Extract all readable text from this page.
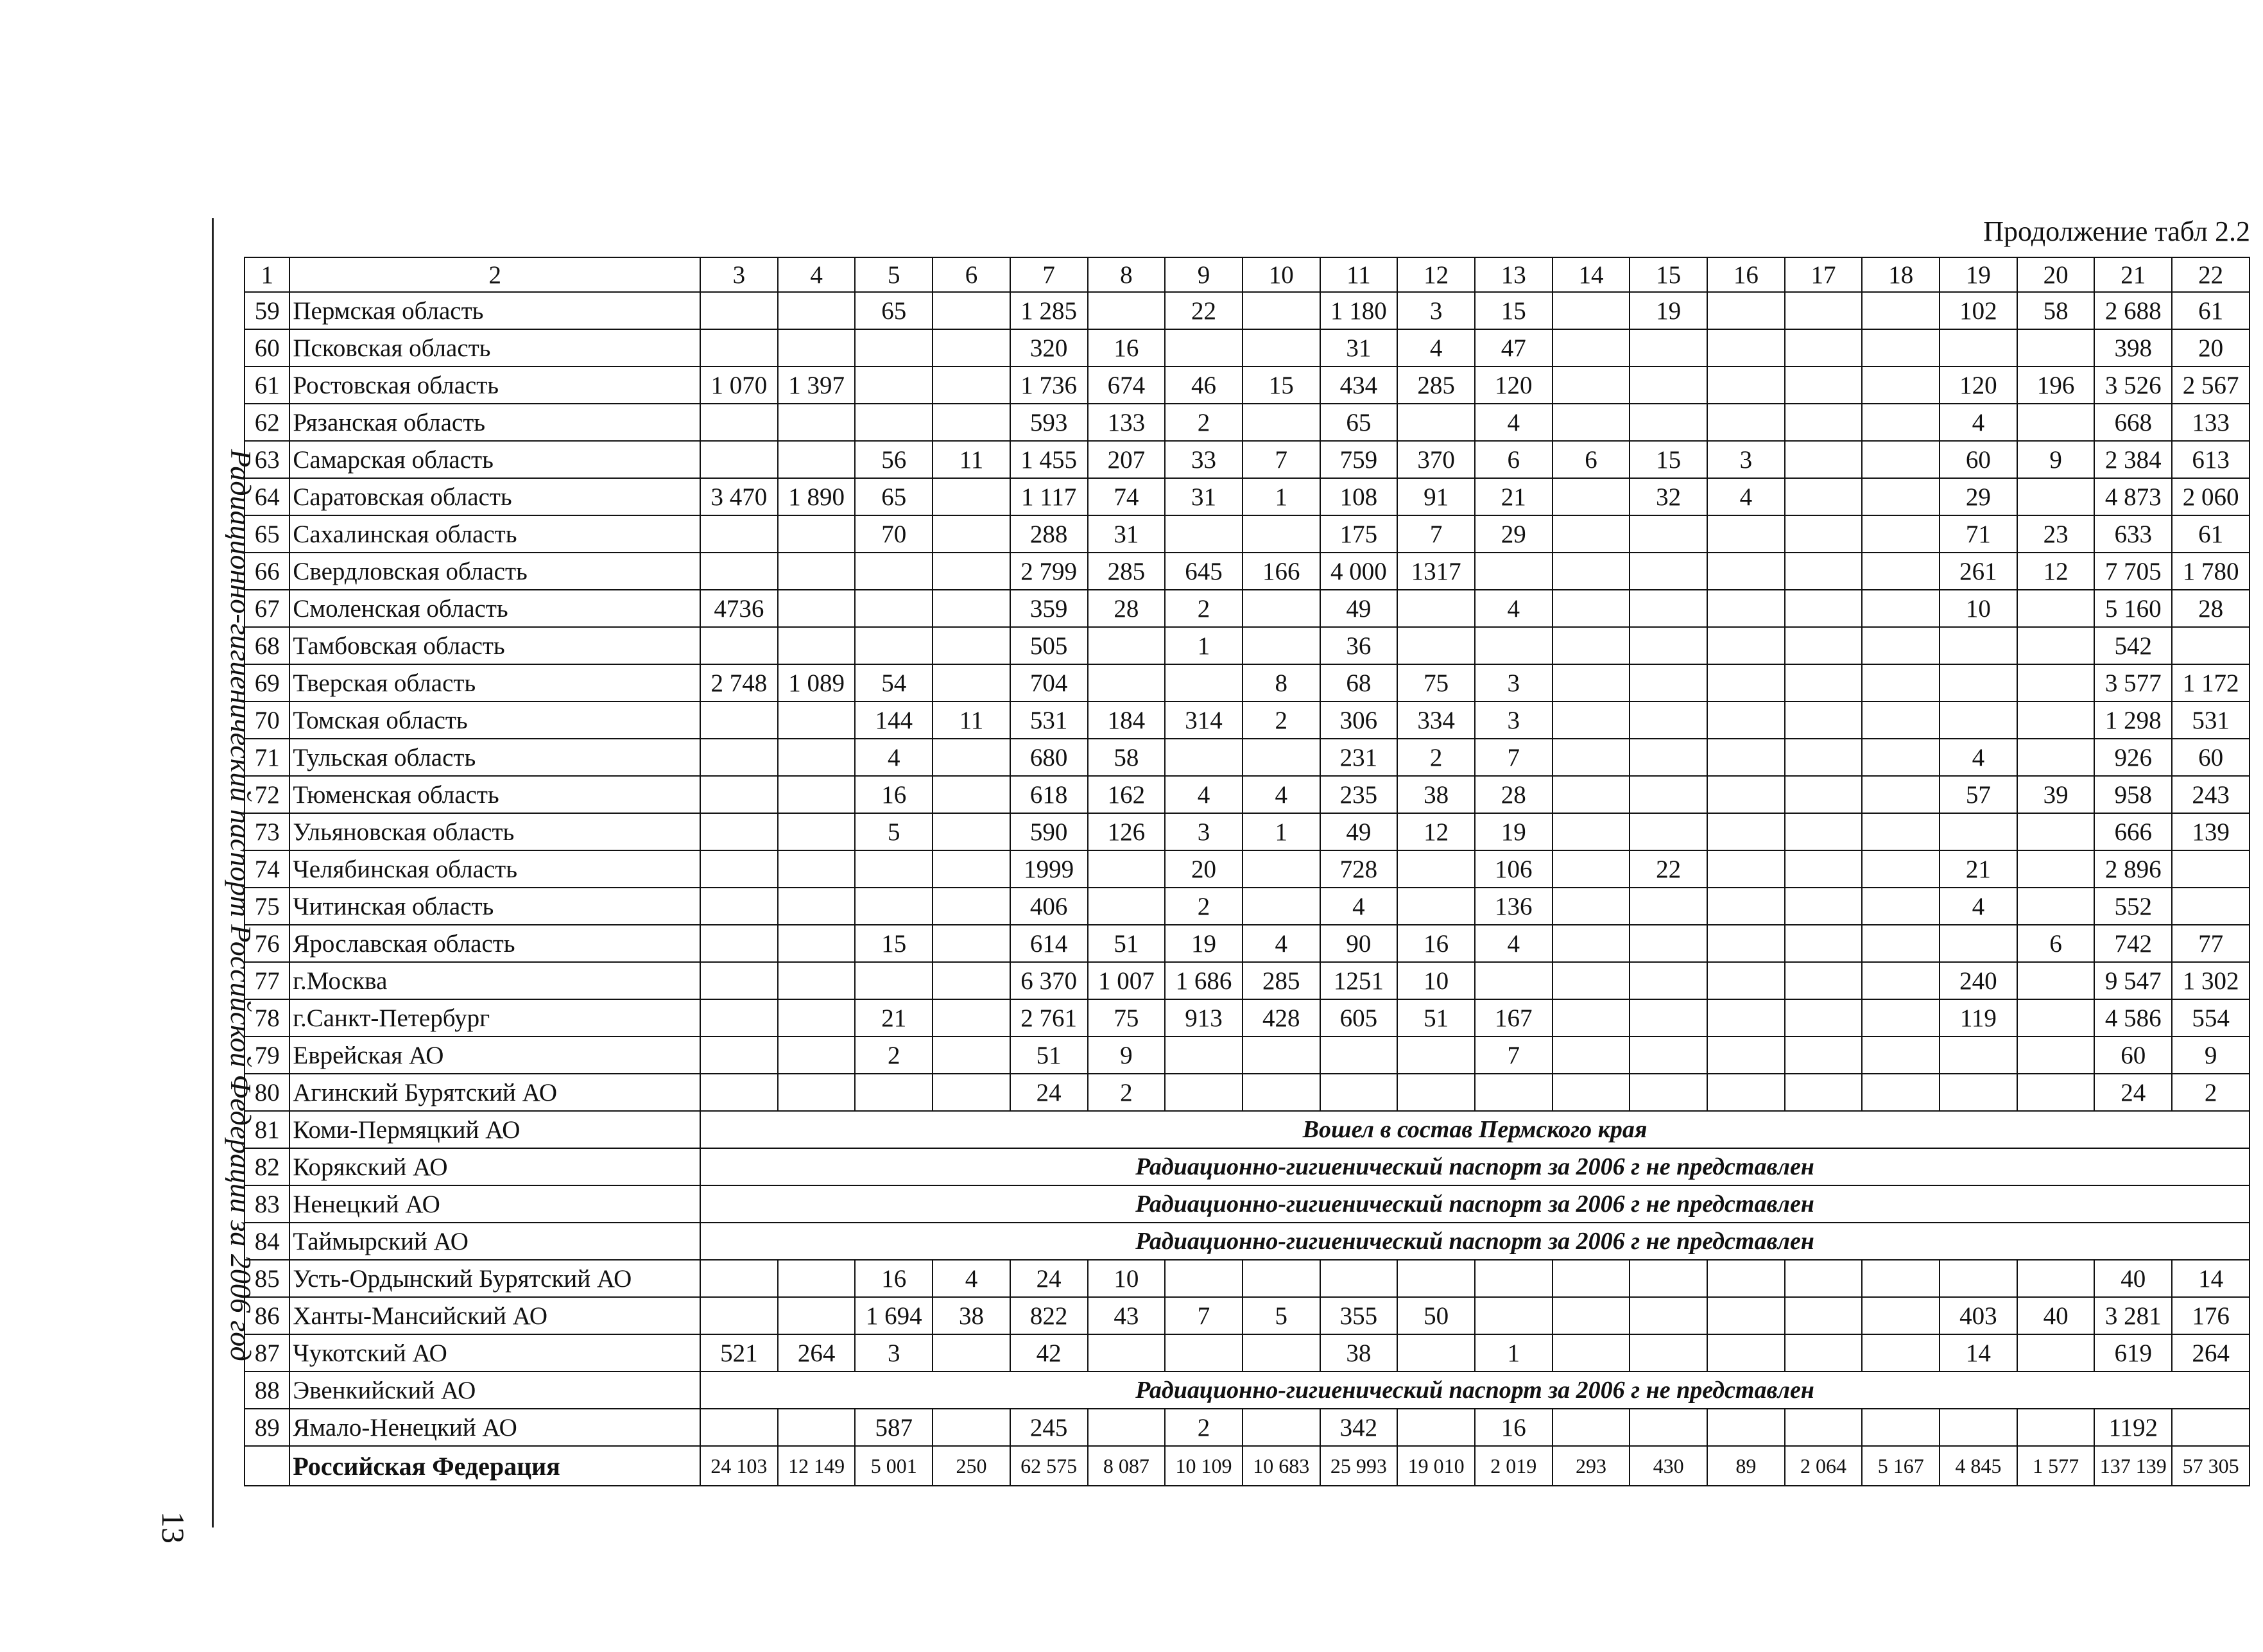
Радиационно-гигиенический паспорт Российской Федерации за 2006 год
13
Продолжение табл 2.2
1	2	3	4	5	6	7	8	9	10	11	12	13	14	15	16	17	18	19	20	21	22
59	Пермская область			65		1 285		22		1 180	3	15		19				102	58	2 688	61
60	Псковская область					320	16			31	4	47								398	20
61	Ростовская область	1 070	1 397			1 736	674	46	15	434	285	120						120	196	3 526	2 567
62	Рязанская область					593	133	2		65		4						4		668	133
63	Самарская область			56	11	1 455	207	33	7	759	370	6	6	15	3			60	9	2 384	613
64	Саратовская область	3 470	1 890	65		1 117	74	31	1	108	91	21		32	4			29		4 873	2 060
65	Сахалинская область			70		288	31			175	7	29						71	23	633	61
66	Свердловская область					2 799	285	645	166	4 000	1317							261	12	7 705	1 780
67	Смоленская область	4736				359	28	2		49		4						10		5 160	28
68	Тамбовская область					505		1		36										542	
69	Тверская область	2 748	1 089	54		704			8	68	75	3								3 577	1 172
70	Томская область			144	11	531	184	314	2	306	334	3								1 298	531
71	Тульская область			4		680	58			231	2	7						4		926	60
72	Тюменская область			16		618	162	4	4	235	38	28						57	39	958	243
73	Ульяновская область			5		590	126	3	1	49	12	19								666	139
74	Челябинская область					1999		20		728		106		22				21		2 896	
75	Читинская область					406		2		4		136						4		552	
76	Ярославская область			15		614	51	19	4	90	16	4							6	742	77
77	г.Москва					6 370	1 007	1 686	285	1251	10							240		9 547	1 302
78	г.Санкт-Петербург			21		2 761	75	913	428	605	51	167						119		4 586	554
79	Еврейская АО			2		51	9					7								60	9
80	Агинский Бурятский АО					24	2													24	2
81	Коми-Пермяцкий АО	Вошел в состав Пермского края																			
82	Корякский АО	Радиационно-гигиенический паспорт за 2006 г не представлен																			
83	Ненецкий АО	Радиационно-гигиенический паспорт за 2006 г не представлен																			
84	Таймырский АО	Радиационно-гигиенический паспорт за 2006 г не представлен																			
85	Усть-Ордынский Бурятский АО			16	4	24	10													40	14
86	Ханты-Мансийский АО			1 694	38	822	43	7	5	355	50							403	40	3 281	176
87	Чукотский АО	521	264	3		42				38		1						14		619	264
88	Эвенкийский АО	Радиационно-гигиенический паспорт за 2006 г не представлен																			
89	Ямало-Ненецкий АО			587		245		2		342		16								1192	
	Российская Федерация	24 103	12 149	5 001	250	62 575	8 087	10 109	10 683	25 993	19 010	2 019	293	430	89	2 064	5 167	4 845	1 577	137 139	57 305
